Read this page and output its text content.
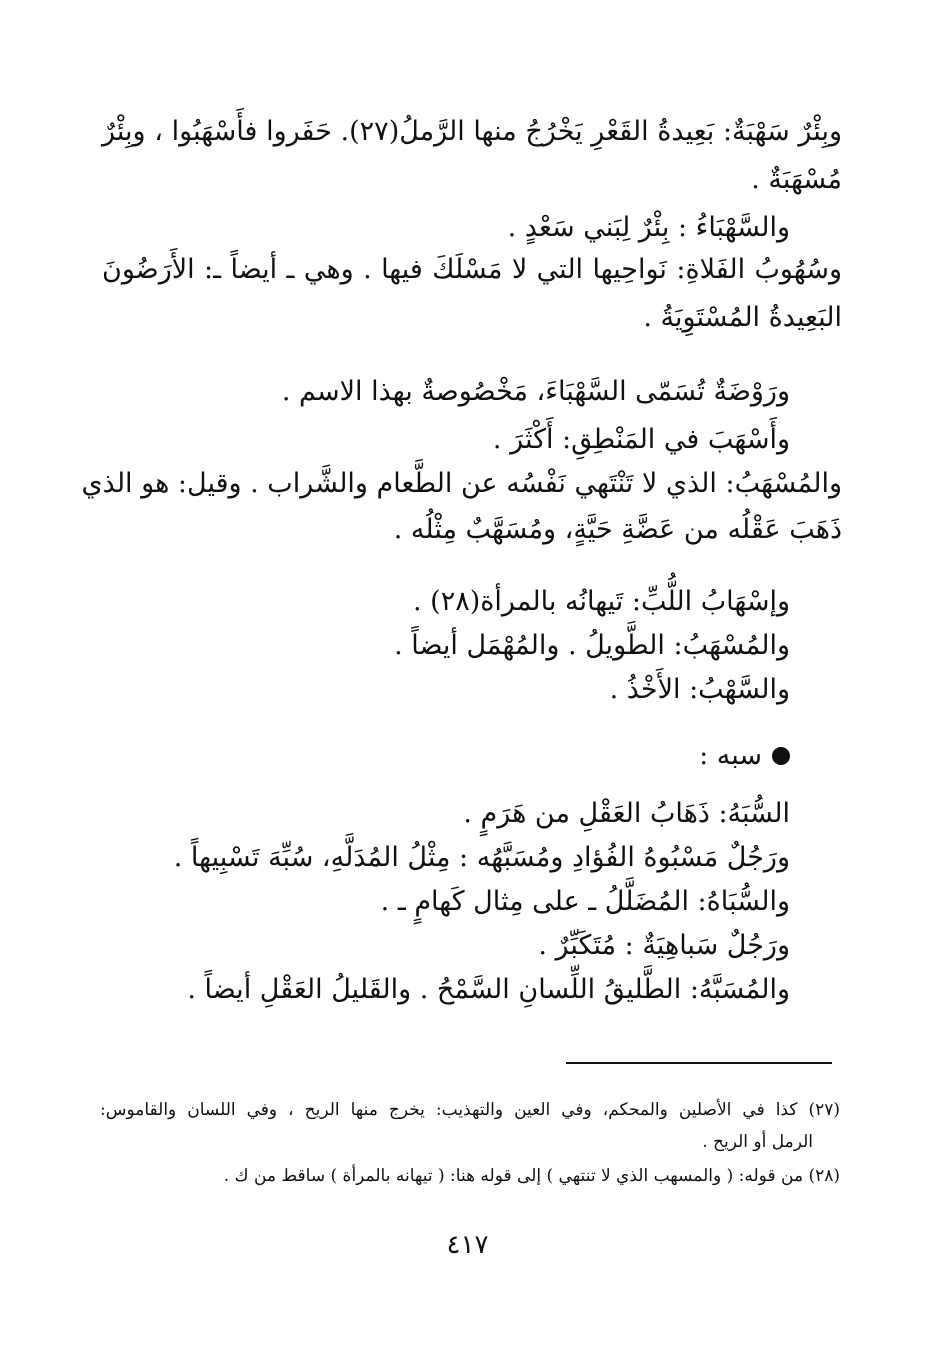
وبِئْرٌ سَهْبَةٌ: بَعِيدةُ القَعْرِ يَخْرُجُ منها الرَّملُ(٢٧). حَفَروا فأَسْهَبُوا ، وبِئْرٌ
مُسْهَبَةٌ .
والسَّهْبَاءُ : بِئْرٌ لِبَني سَعْدٍ .
وسُهُوبُ الفَلاةِ: نَواحِيها التي لا مَسْلَكَ فيها . وهي ـ أيضاً ـ: الأَرَضُونَ
البَعِيدةُ المُسْتَوِيَةُ .
ورَوْضَةٌ تُسَمّى السَّهْبَاءَ، مَخْصُوصةٌ بهذا الاسم .
وأَسْهَبَ في المَنْطِقِ: أَكْثَرَ .
والمُسْهَبُ: الذي لا تَنْتَهي نَفْسُه عن الطَّعام والشَّراب . وقيل: هو الذي
ذَهَبَ عَقْلُه من عَضَّةِ حَيَّةٍ، ومُسَهَّبٌ مِثْلُه .
وإسْهَابُ اللُّبِّ: تَيهانُه بالمرأة(٢٨) .
والمُسْهَبُ: الطَّويلُ . والمُهْمَل أيضاً .
والسَّهْبُ: الأَخْذُ .
سبه :
السُّبَهُ: ذَهَابُ العَقْلِ من هَرَمٍ .
ورَجُلٌ مَسْبُوهُ الفُؤادِ ومُسَبَّهُه : مِثْلُ المُدَلَّهِ، سُبِّهَ تَسْبِيهاً .
والسُّبَاهُ: المُضَلَّلُ ـ على مِثال كَهامٍ ـ .
ورَجُلٌ سَباهِيَةٌ : مُتَكَبِّرٌ .
والمُسَبَّهُ: الطَّليقُ اللِّسانِ السَّمْحُ . والقَليلُ العَقْلِ أيضاً .
(٢٧) كذا في الأصلين والمحكم، وفي العين والتهذيب: يخرج منها الريح ، وفي اللسان والقاموس:
الرمل أو الريح .
(٢٨) من قوله: ( والمسهب الذي لا تنتهي ) إلى قوله هنا: ( تيهانه بالمرأة ) ساقط من ك .
٤١٧
